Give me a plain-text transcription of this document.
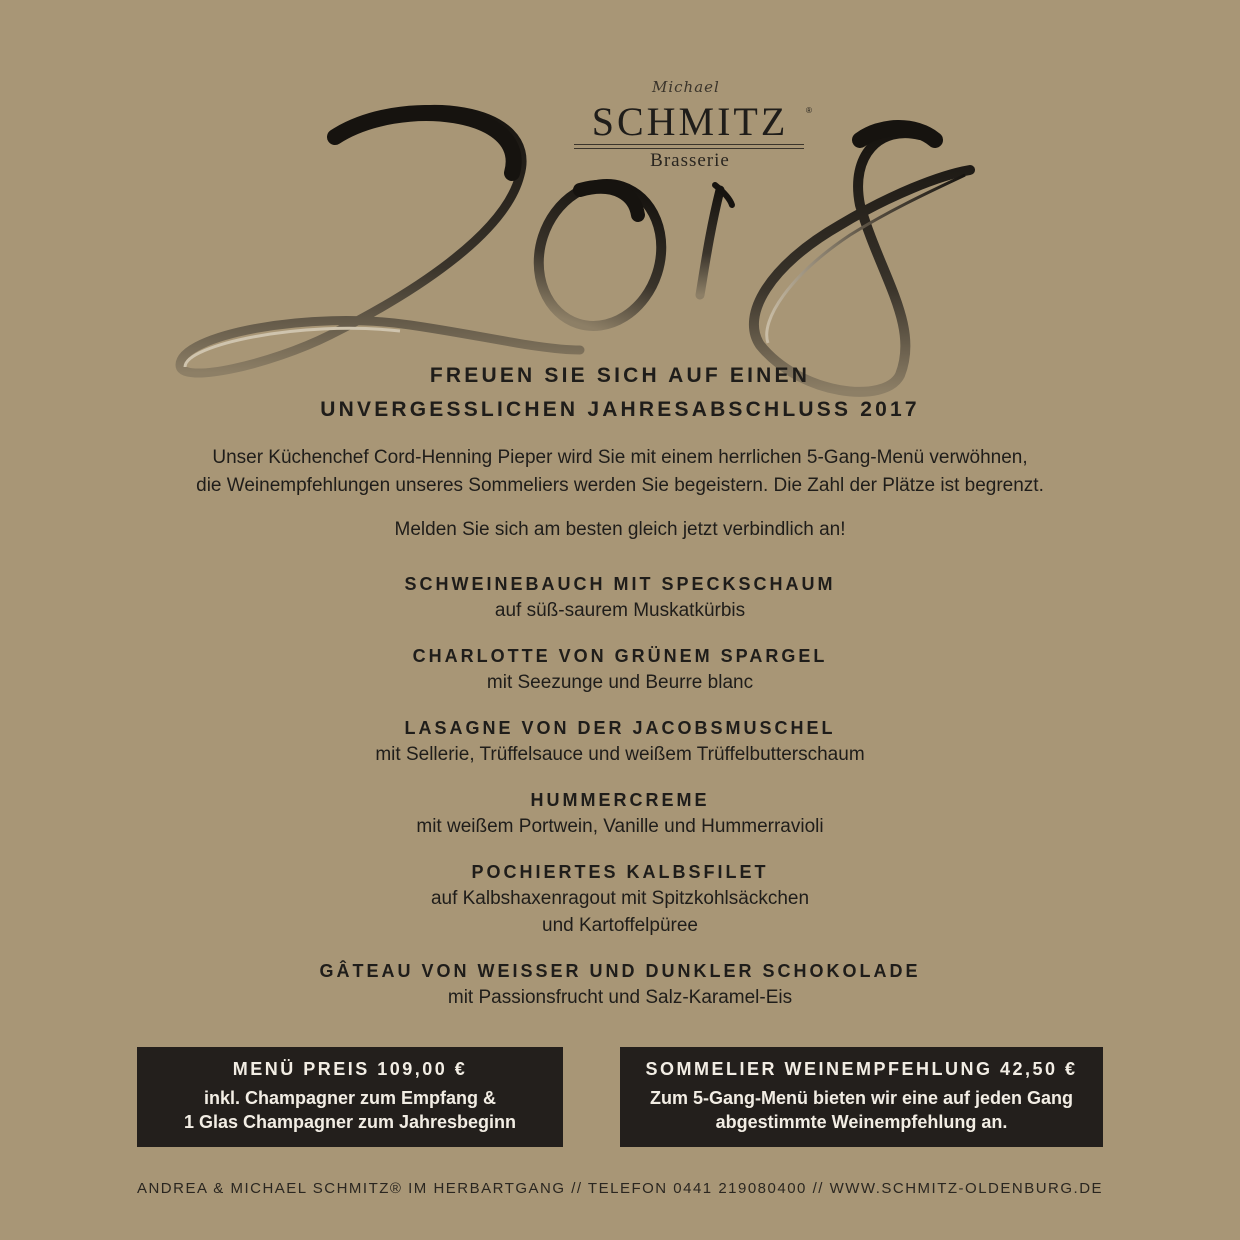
Michael
SCHMITZ	®
Brasserie
FREUEN SIE SICH AUF EINEN
UNVERGESSLICHEN JAHRESABSCHLUSS 2017
Unser Küchenchef Cord-Henning Pieper wird Sie mit einem herrlichen 5-Gang-Menü verwöhnen,
die Weinempfehlungen unseres Sommeliers werden Sie begeistern. Die Zahl der Plätze ist begrenzt.
Melden Sie sich am besten gleich jetzt verbindlich an!
SCHWEINEBAUCH MIT SPECKSCHAUM
auf süß-saurem Muskatkürbis
CHARLOTTE VON GRÜNEM SPARGEL
mit Seezunge und Beurre blanc
LASAGNE VON DER JACOBSMUSCHEL
mit Sellerie, Trüffelsauce und weißem Trüffelbutterschaum
HUMMERCREME
mit weißem Portwein, Vanille und Hummerravioli
POCHIERTES KALBSFILET
auf Kalbshaxenragout mit Spitzkohlsäckchen
und Kartoffelpüree
GÂTEAU VON WEISSER UND DUNKLER SCHOKOLADE
mit Passionsfrucht und Salz-Karamel-Eis
MENÜ PREIS 109,00 €
inkl. Champagner zum Empfang &
1 Glas Champagner zum Jahresbeginn
SOMMELIER WEINEMPFEHLUNG 42,50 €
Zum 5-Gang-Menü bieten wir eine auf jeden Gang
abgestimmte Weinempfehlung an.
ANDREA & MICHAEL SCHMITZ® IM HERBARTGANG // TELEFON 0441 219080400 // WWW.SCHMITZ-OLDENBURG.DE
